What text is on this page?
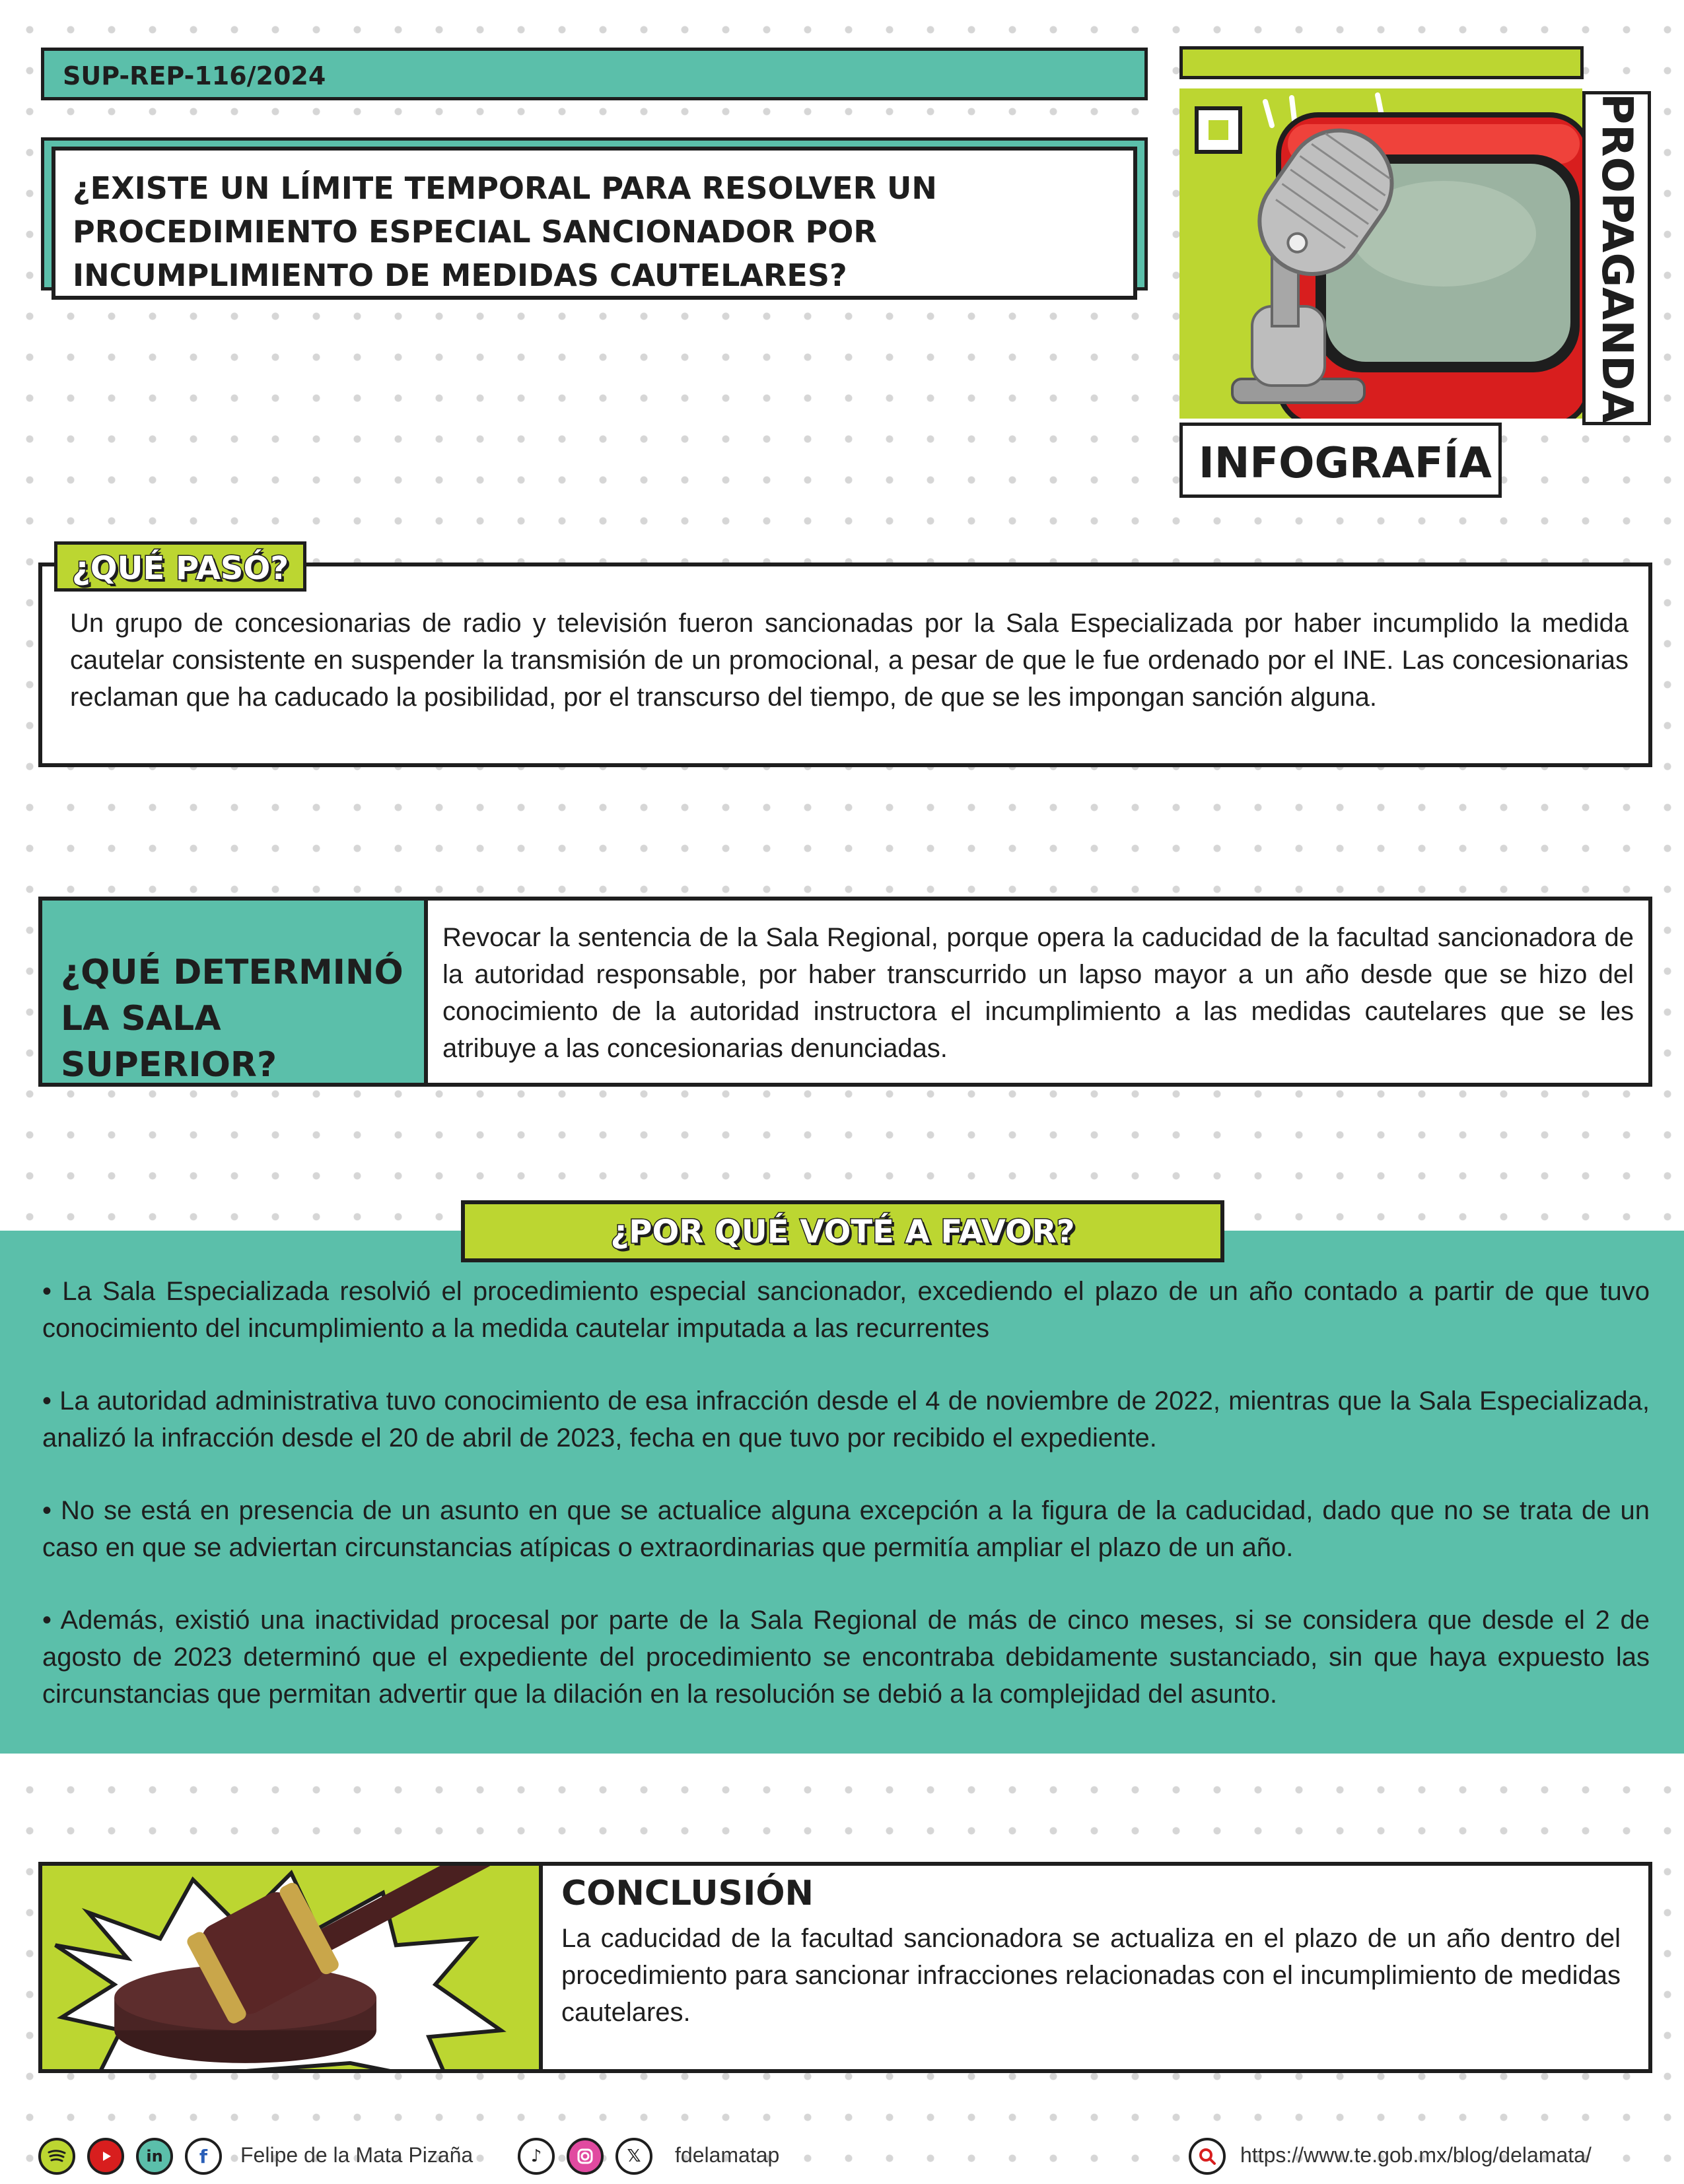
SUP-REP-116/2024
¿EXISTE UN LÍMITE TEMPORAL PARA RESOLVER UN PROCEDIMIENTO ESPECIAL SANCIONADOR POR INCUMPLIMIENTO DE MEDIDAS CAUTELARES?	PROPAGANDA
INFOGRAFÍA

Un grupo de concesionarias de radio y televisión fueron sancionadas por la Sala Especializada por haber incumplido la medida cautelar consistente en suspender la transmisión de un promocional, a pesar de que le fue ordenado por el INE. Las concesionarias reclaman que ha caducado la posibilidad, por el transcurso del tiempo, de que se les impongan sanción alguna.

¿QUÉ PASÓ?
¿QUÉ DETERMINÓ LA SALA SUPERIOR?

Revocar la sentencia de la Sala Regional, porque opera la caducidad de la facultad sancionadora de la autoridad responsable, por haber transcurrido un lapso mayor a un año desde que se hizo del conocimiento de la autoridad instructora el incumplimiento a las medidas cautelares que se les atribuye a las concesionarias denunciadas.

¿POR QUÉ VOTÉ A FAVOR?

• La Sala Especializada resolvió el procedimiento especial sancionador, excediendo el plazo de un año contado a partir de que tuvo conocimiento del incumplimiento a la medida cautelar imputada a las recurrentes

• La autoridad administrativa tuvo conocimiento de esa infracción desde el 4 de noviembre de 2022, mientras que la Sala Especializada, analizó la infracción desde el 20 de abril de 2023, fecha en que tuvo por recibido el expediente.

• No se está en presencia de un asunto en que se actualice alguna excepción a la figura de la caducidad, dado que no se trata de un caso en que se adviertan circunstancias atípicas o extraordinarias que permitía ampliar el plazo de un año.

• Además, existió una inactividad procesal por parte de la Sala Regional de más de cinco meses, si se considera que desde el 2 de agosto de 2023 determinó que el expediente del procedimiento se encontraba debidamente sustanciado, sin que haya expuesto las circunstancias que permitan advertir que la dilación en la resolución se debió a la complejidad del asunto.

CONCLUSIÓN

La caducidad de la facultad sancionadora se actualiza en el plazo de un año dentro del procedimiento para sancionar infracciones relacionadas con el incumplimiento de medidas cautelares.

in	f	Felipe de la Mata Pizaña	♪	𝕏	fdelamatap	https://www.te.gob.mx/blog/delamata/
